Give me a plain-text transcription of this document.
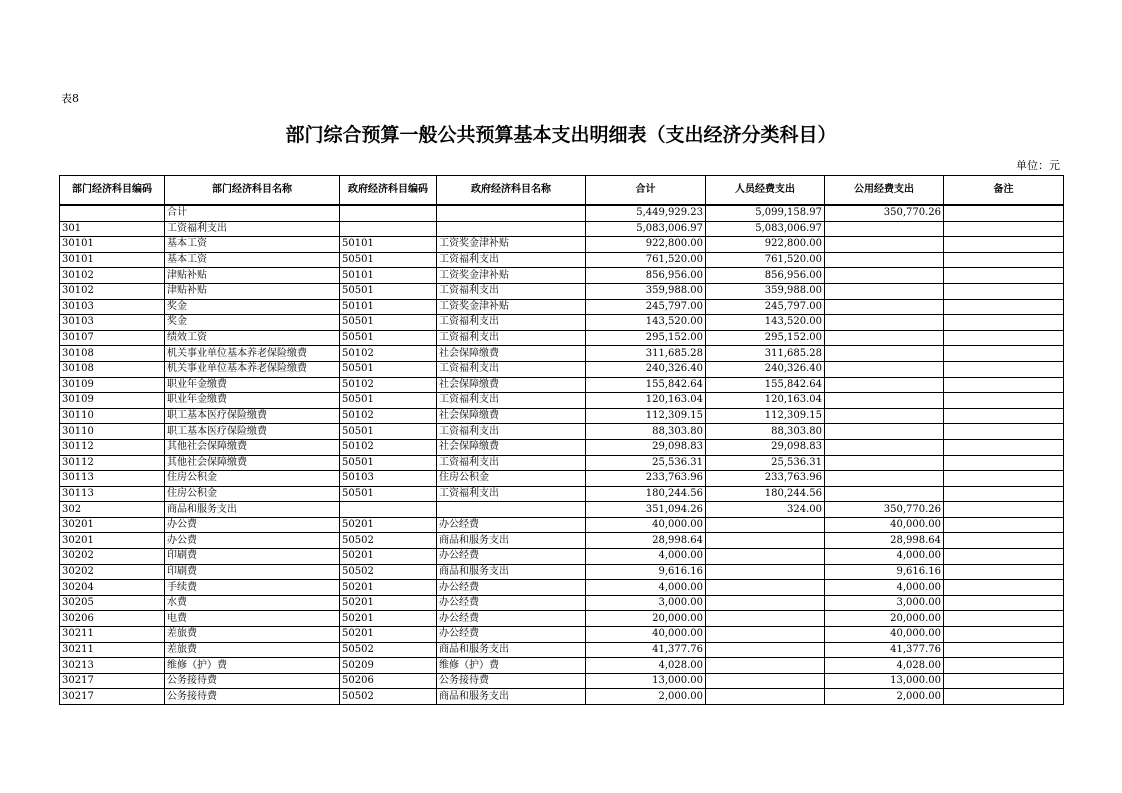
表8
部门综合预算一般公共预算基本支出明细表（支出经济分类科目）
单位：元
部门经济科目编码	部门经济科目名称	政府经济科目编码	政府经济科目名称	合计	人员经费支出	公用经费支出	备注
	合计			5,449,929.23	5,099,158.97	350,770.26	
301	工资福利支出			5,083,006.97	5,083,006.97		
30101	基本工资	50101	工资奖金津补贴	922,800.00	922,800.00		
30101	基本工资	50501	工资福利支出	761,520.00	761,520.00		
30102	津贴补贴	50101	工资奖金津补贴	856,956.00	856,956.00		
30102	津贴补贴	50501	工资福利支出	359,988.00	359,988.00		
30103	奖金	50101	工资奖金津补贴	245,797.00	245,797.00		
30103	奖金	50501	工资福利支出	143,520.00	143,520.00		
30107	绩效工资	50501	工资福利支出	295,152.00	295,152.00		
30108	机关事业单位基本养老保险缴费	50102	社会保障缴费	311,685.28	311,685.28		
30108	机关事业单位基本养老保险缴费	50501	工资福利支出	240,326.40	240,326.40		
30109	职业年金缴费	50102	社会保障缴费	155,842.64	155,842.64		
30109	职业年金缴费	50501	工资福利支出	120,163.04	120,163.04		
30110	职工基本医疗保险缴费	50102	社会保障缴费	112,309.15	112,309.15		
30110	职工基本医疗保险缴费	50501	工资福利支出	88,303.80	88,303.80		
30112	其他社会保障缴费	50102	社会保障缴费	29,098.83	29,098.83		
30112	其他社会保障缴费	50501	工资福利支出	25,536.31	25,536.31		
30113	住房公积金	50103	住房公积金	233,763.96	233,763.96		
30113	住房公积金	50501	工资福利支出	180,244.56	180,244.56		
302	商品和服务支出			351,094.26	324.00	350,770.26	
30201	办公费	50201	办公经费	40,000.00		40,000.00	
30201	办公费	50502	商品和服务支出	28,998.64		28,998.64	
30202	印刷费	50201	办公经费	4,000.00		4,000.00	
30202	印刷费	50502	商品和服务支出	9,616.16		9,616.16	
30204	手续费	50201	办公经费	4,000.00		4,000.00	
30205	水费	50201	办公经费	3,000.00		3,000.00	
30206	电费	50201	办公经费	20,000.00		20,000.00	
30211	差旅费	50201	办公经费	40,000.00		40,000.00	
30211	差旅费	50502	商品和服务支出	41,377.76		41,377.76	
30213	维修（护）费	50209	维修（护）费	4,028.00		4,028.00	
30217	公务接待费	50206	公务接待费	13,000.00		13,000.00	
30217	公务接待费	50502	商品和服务支出	2,000.00		2,000.00	
